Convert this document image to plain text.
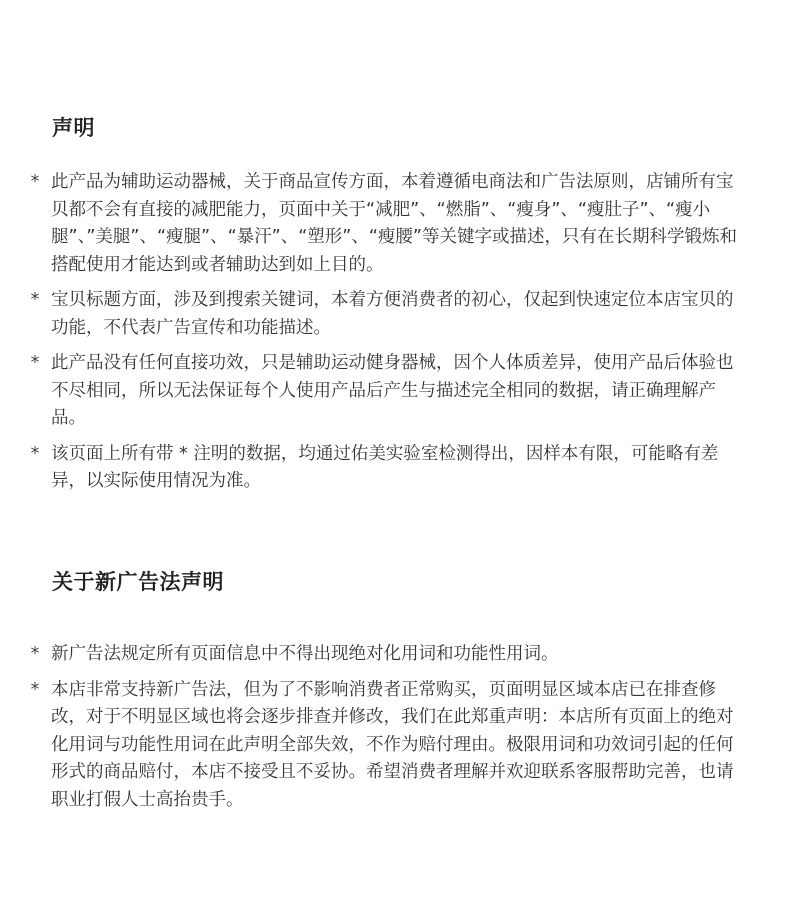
声明
* 此产品为辅助运动器械，关于商品宣传方面，本着遵循电商法和广告法原则，店铺所有宝贝都不会有直接的减肥能力，页面中关于“减肥”、“燃脂”、“瘦身”、“瘦肚子”、“瘦小腿”、”美腿”、“瘦腿”、“暴汗”、“塑形”、“瘦腰”等关键字或描述，只有在长期科学锻炼和搭配使用才能达到或者辅助达到如上目的。
* 宝贝标题方面，涉及到搜索关键词，本着方便消费者的初心，仅起到快速定位本店宝贝的功能，不代表广告宣传和功能描述。
* 此产品没有任何直接功效，只是辅助运动健身器械，因个人体质差异，使用产品后体验也不尽相同，所以无法保证每个人使用产品后产生与描述完全相同的数据，请正确理解产品。
* 该页面上所有带 * 注明的数据，均通过佑美实验室检测得出，因样本有限，可能略有差异，以实际使用情况为准。
关于新广告法声明
* 新广告法规定所有页面信息中不得出现绝对化用词和功能性用词。
* 本店非常支持新广告法，但为了不影响消费者正常购买，页面明显区域本店已在排查修改，对于不明显区域也将会逐步排查并修改，我们在此郑重声明：本店所有页面上的绝对化用词与功能性用词在此声明全部失效，不作为赔付理由。极限用词和功效词引起的任何形式的商品赔付，本店不接受且不妥协。希望消费者理解并欢迎联系客服帮助完善，也请职业打假人士高抬贵手。
